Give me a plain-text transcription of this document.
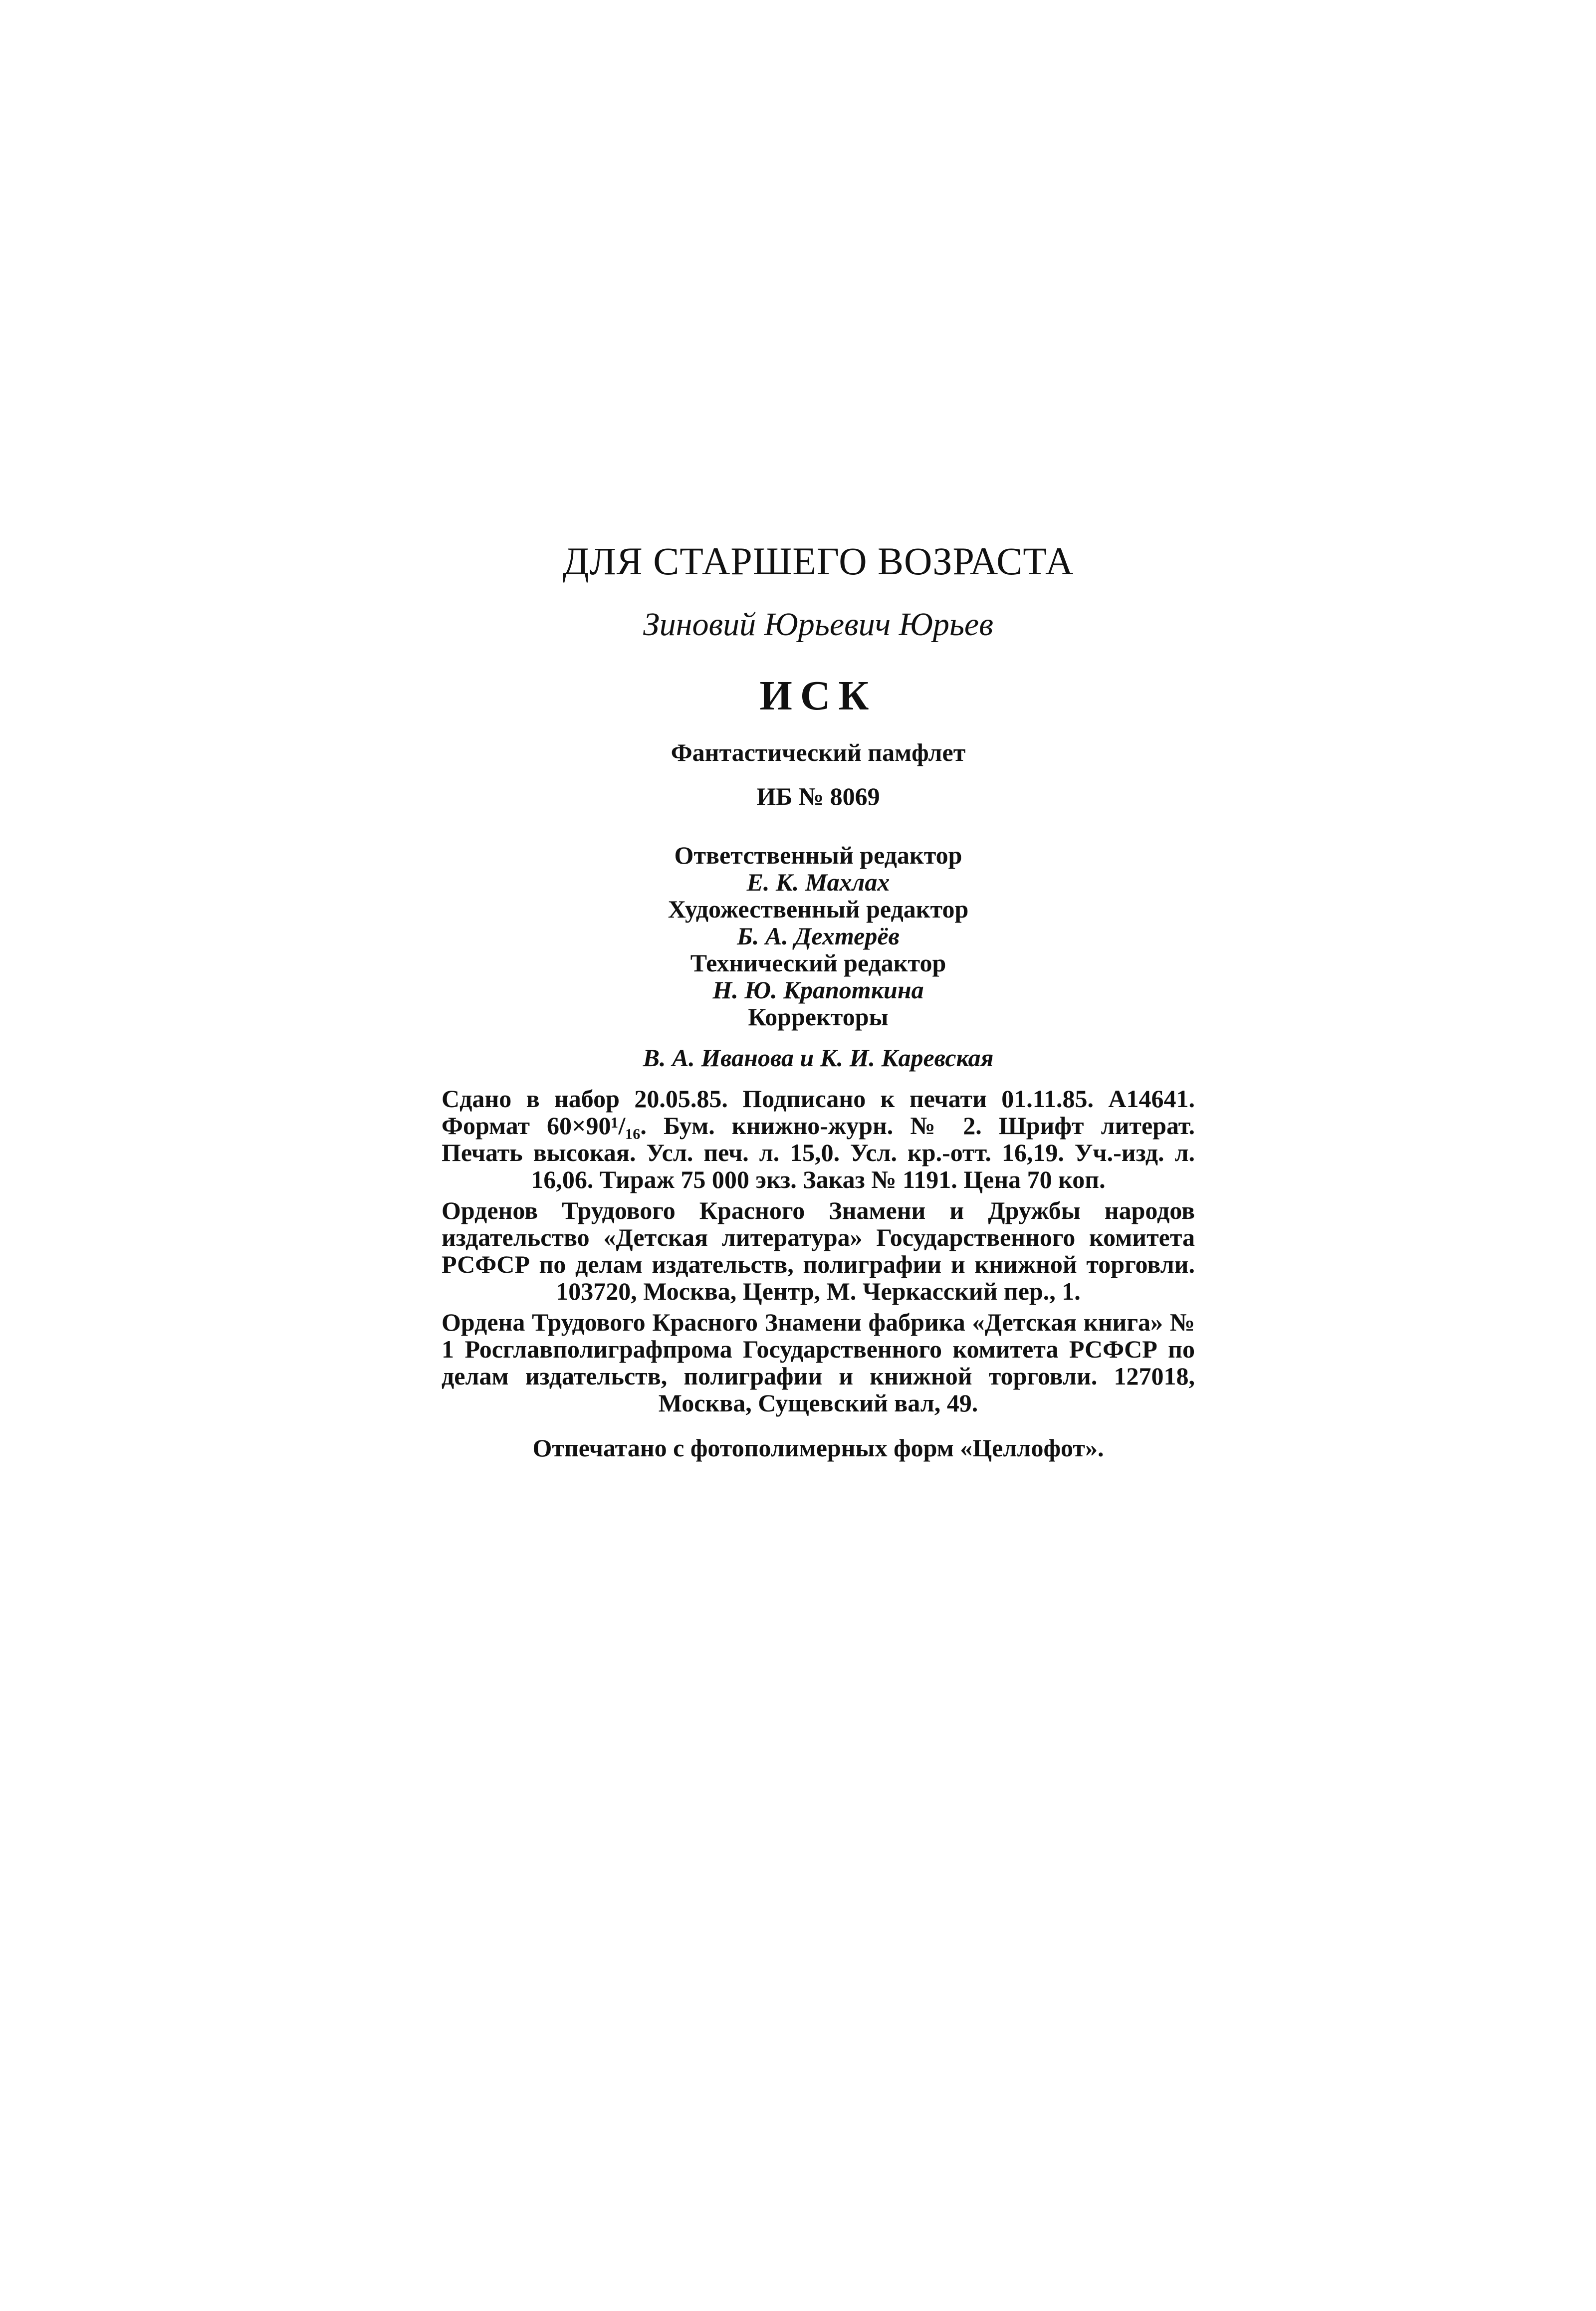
ДЛЯ СТАРШЕГО ВОЗРАСТА
Зиновий Юрьевич Юрьев
ИСК
Фантастический памфлет
ИБ № 8069
Ответственный редактор
Е. К. Махлах
Художественный редактор
Б. А. Дехтерёв
Технический редактор
Н. Ю. Крапоткина
Корректоры
В. А. Иванова и К. И. Каревская

Сдано в набор 20.05.85. Подписано к печати 01.11.85. А14641. Формат 60×90¹/₁₆. Бум. книжно-журн. № 2. Шрифт литерат. Печать высокая. Усл. печ. л. 15,0. Усл. кр.-отт. 16,19. Уч.-изд. л. 16,06. Тираж 75 000 экз. Заказ № 1191. Цена 70 коп.

Орденов Трудового Красного Знамени и Дружбы народов издательство «Детская литература» Государственного комитета РСФСР по делам издательств, полиграфии и книжной торговли. 103720, Москва, Центр, М. Черкасский пер., 1.

Ордена Трудового Красного Знамени фабрика «Детская книга» № 1 Росглавполиграфпрома Государственного комитета РСФСР по делам издательств, полиграфии и книжной торговли. 127018, Москва, Сущевский вал, 49.

Отпечатано с фотополимерных форм «Целлофот».
